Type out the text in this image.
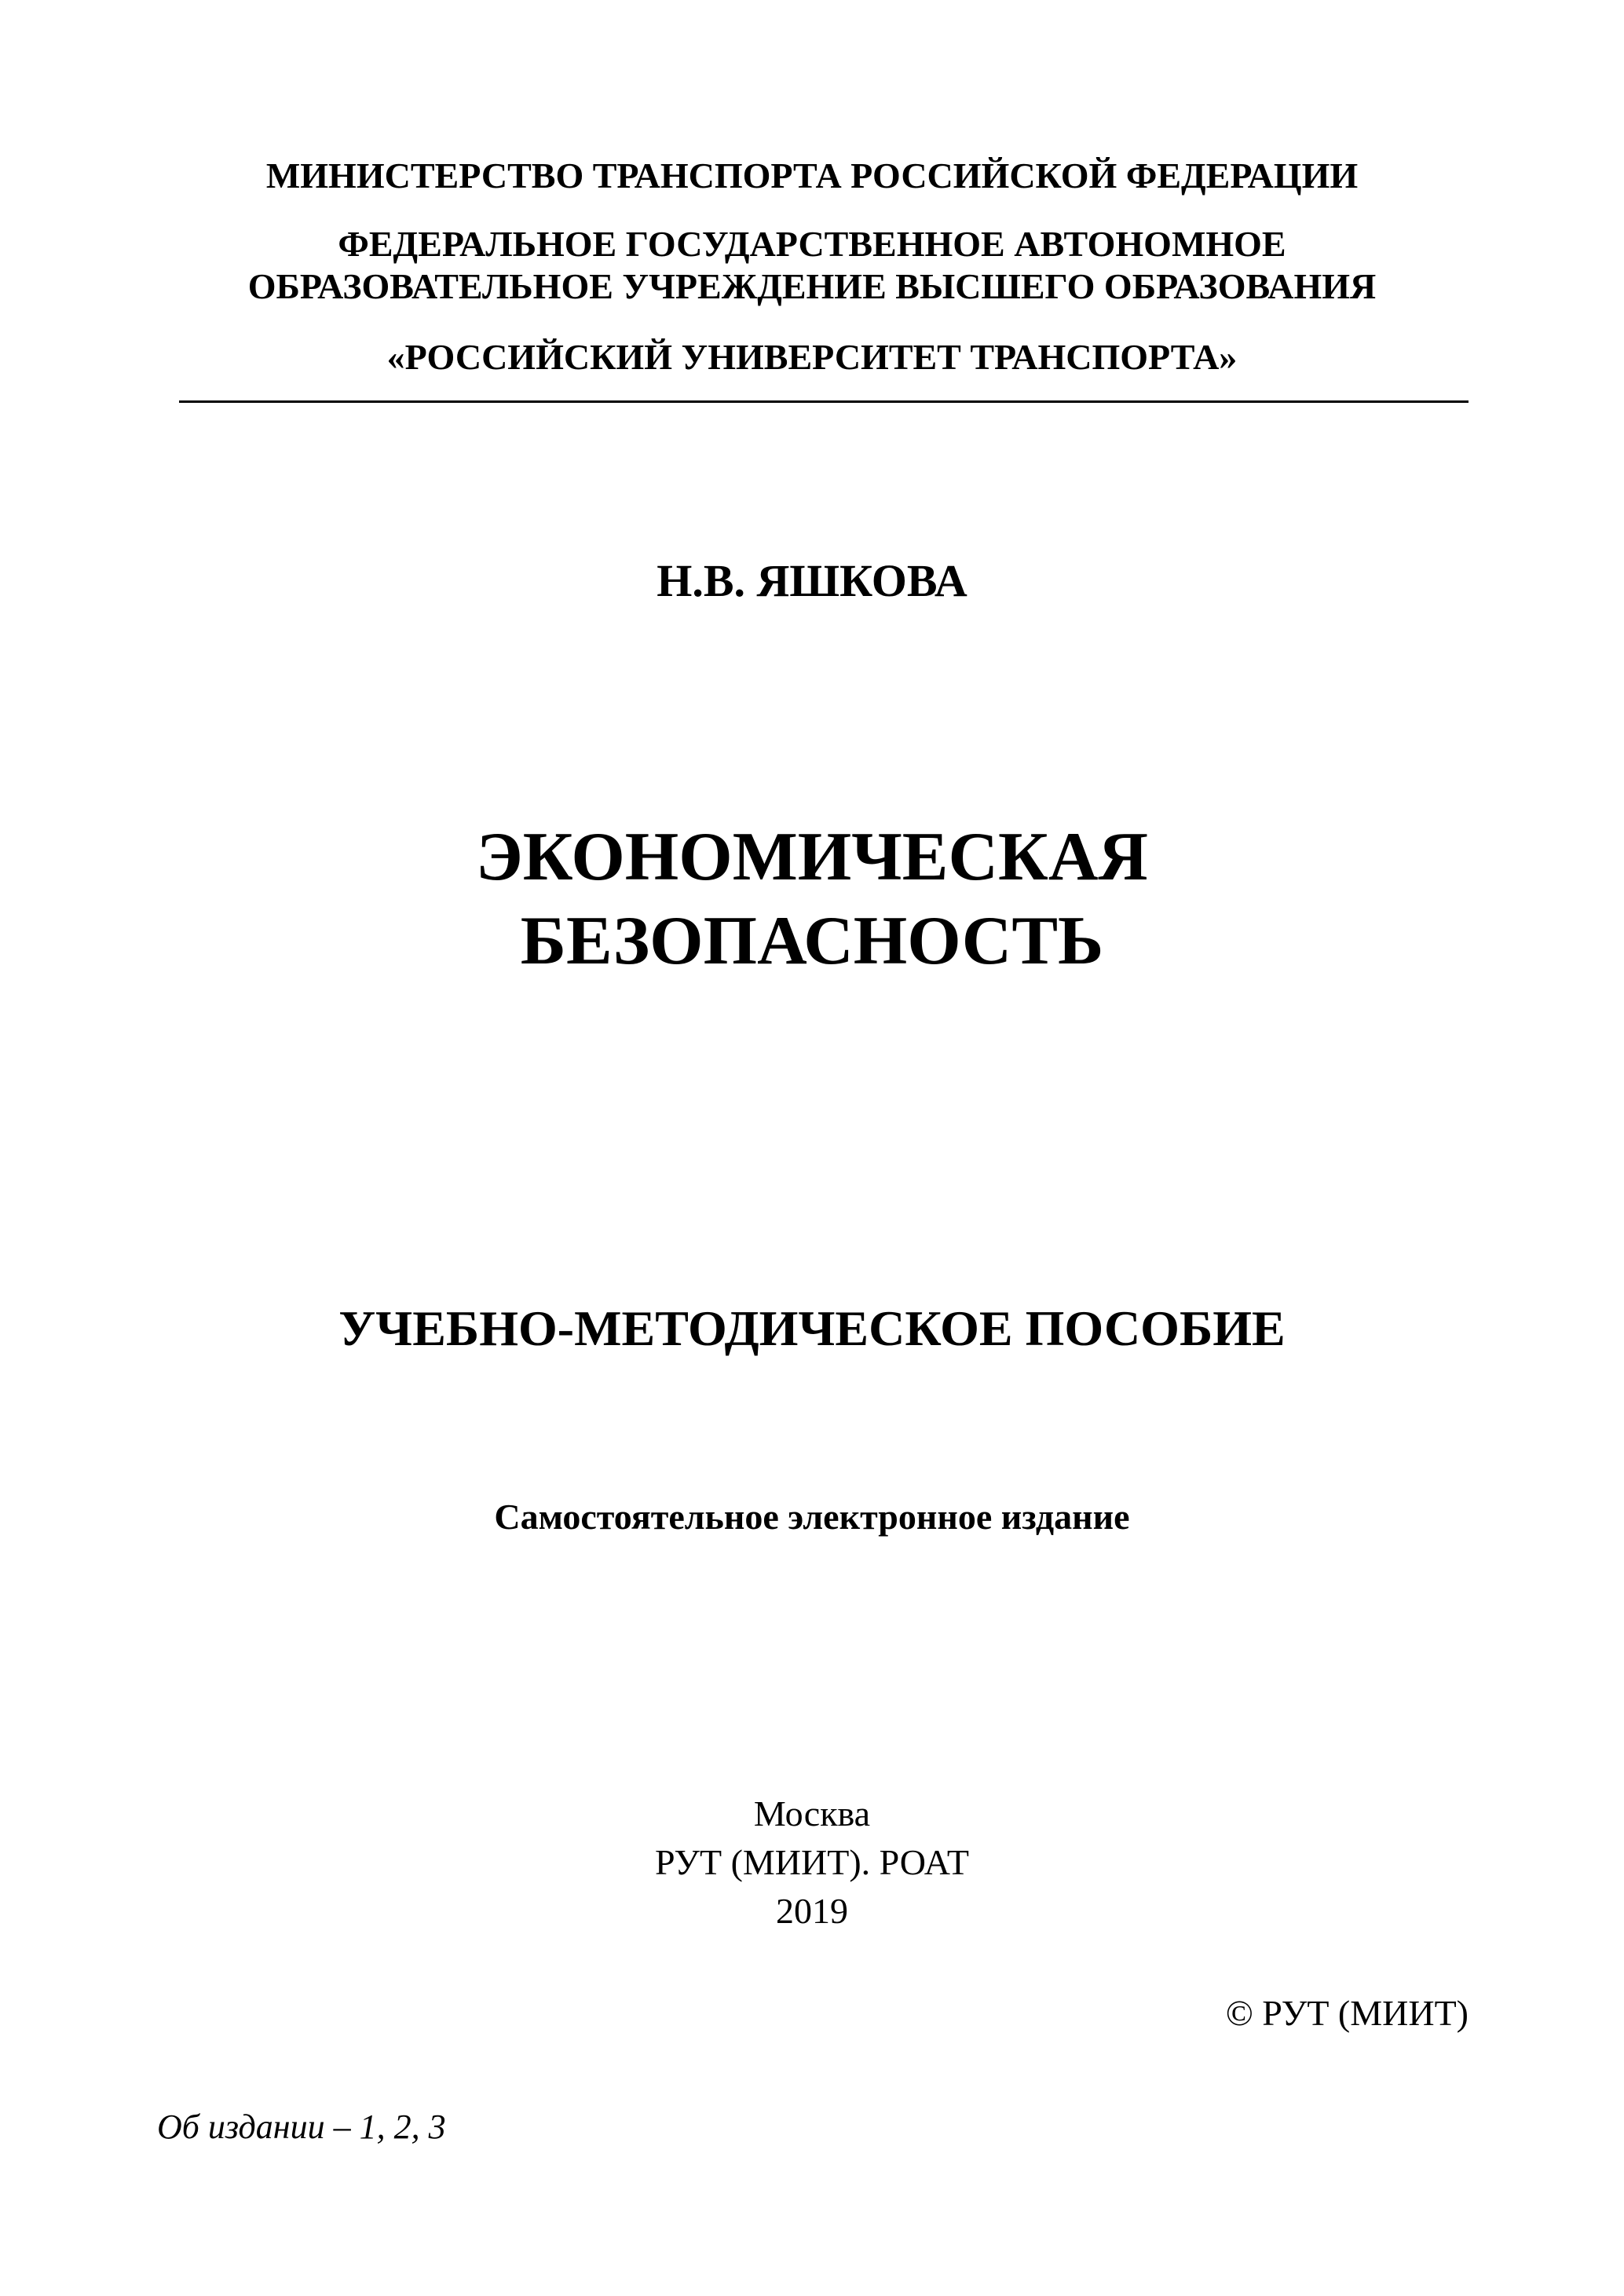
МИНИСТЕРСТВО ТРАНСПОРТА РОССИЙСКОЙ ФЕДЕРАЦИИ
ФЕДЕРАЛЬНОЕ ГОСУДАРСТВЕННОЕ АВТОНОМНОЕ
ОБРАЗОВАТЕЛЬНОЕ УЧРЕЖДЕНИЕ ВЫСШЕГО ОБРАЗОВАНИЯ
«РОССИЙСКИЙ УНИВЕРСИТЕТ ТРАНСПОРТА»
Н.В. ЯШКОВА
ЭКОНОМИЧЕСКАЯ
БЕЗОПАСНОСТЬ
УЧЕБНО-МЕТОДИЧЕСКОЕ ПОСОБИЕ
Самостоятельное электронное издание
Москва
РУТ (МИИТ). РОАТ
2019
© РУТ (МИИТ)
Об издании – 1, 2, 3
